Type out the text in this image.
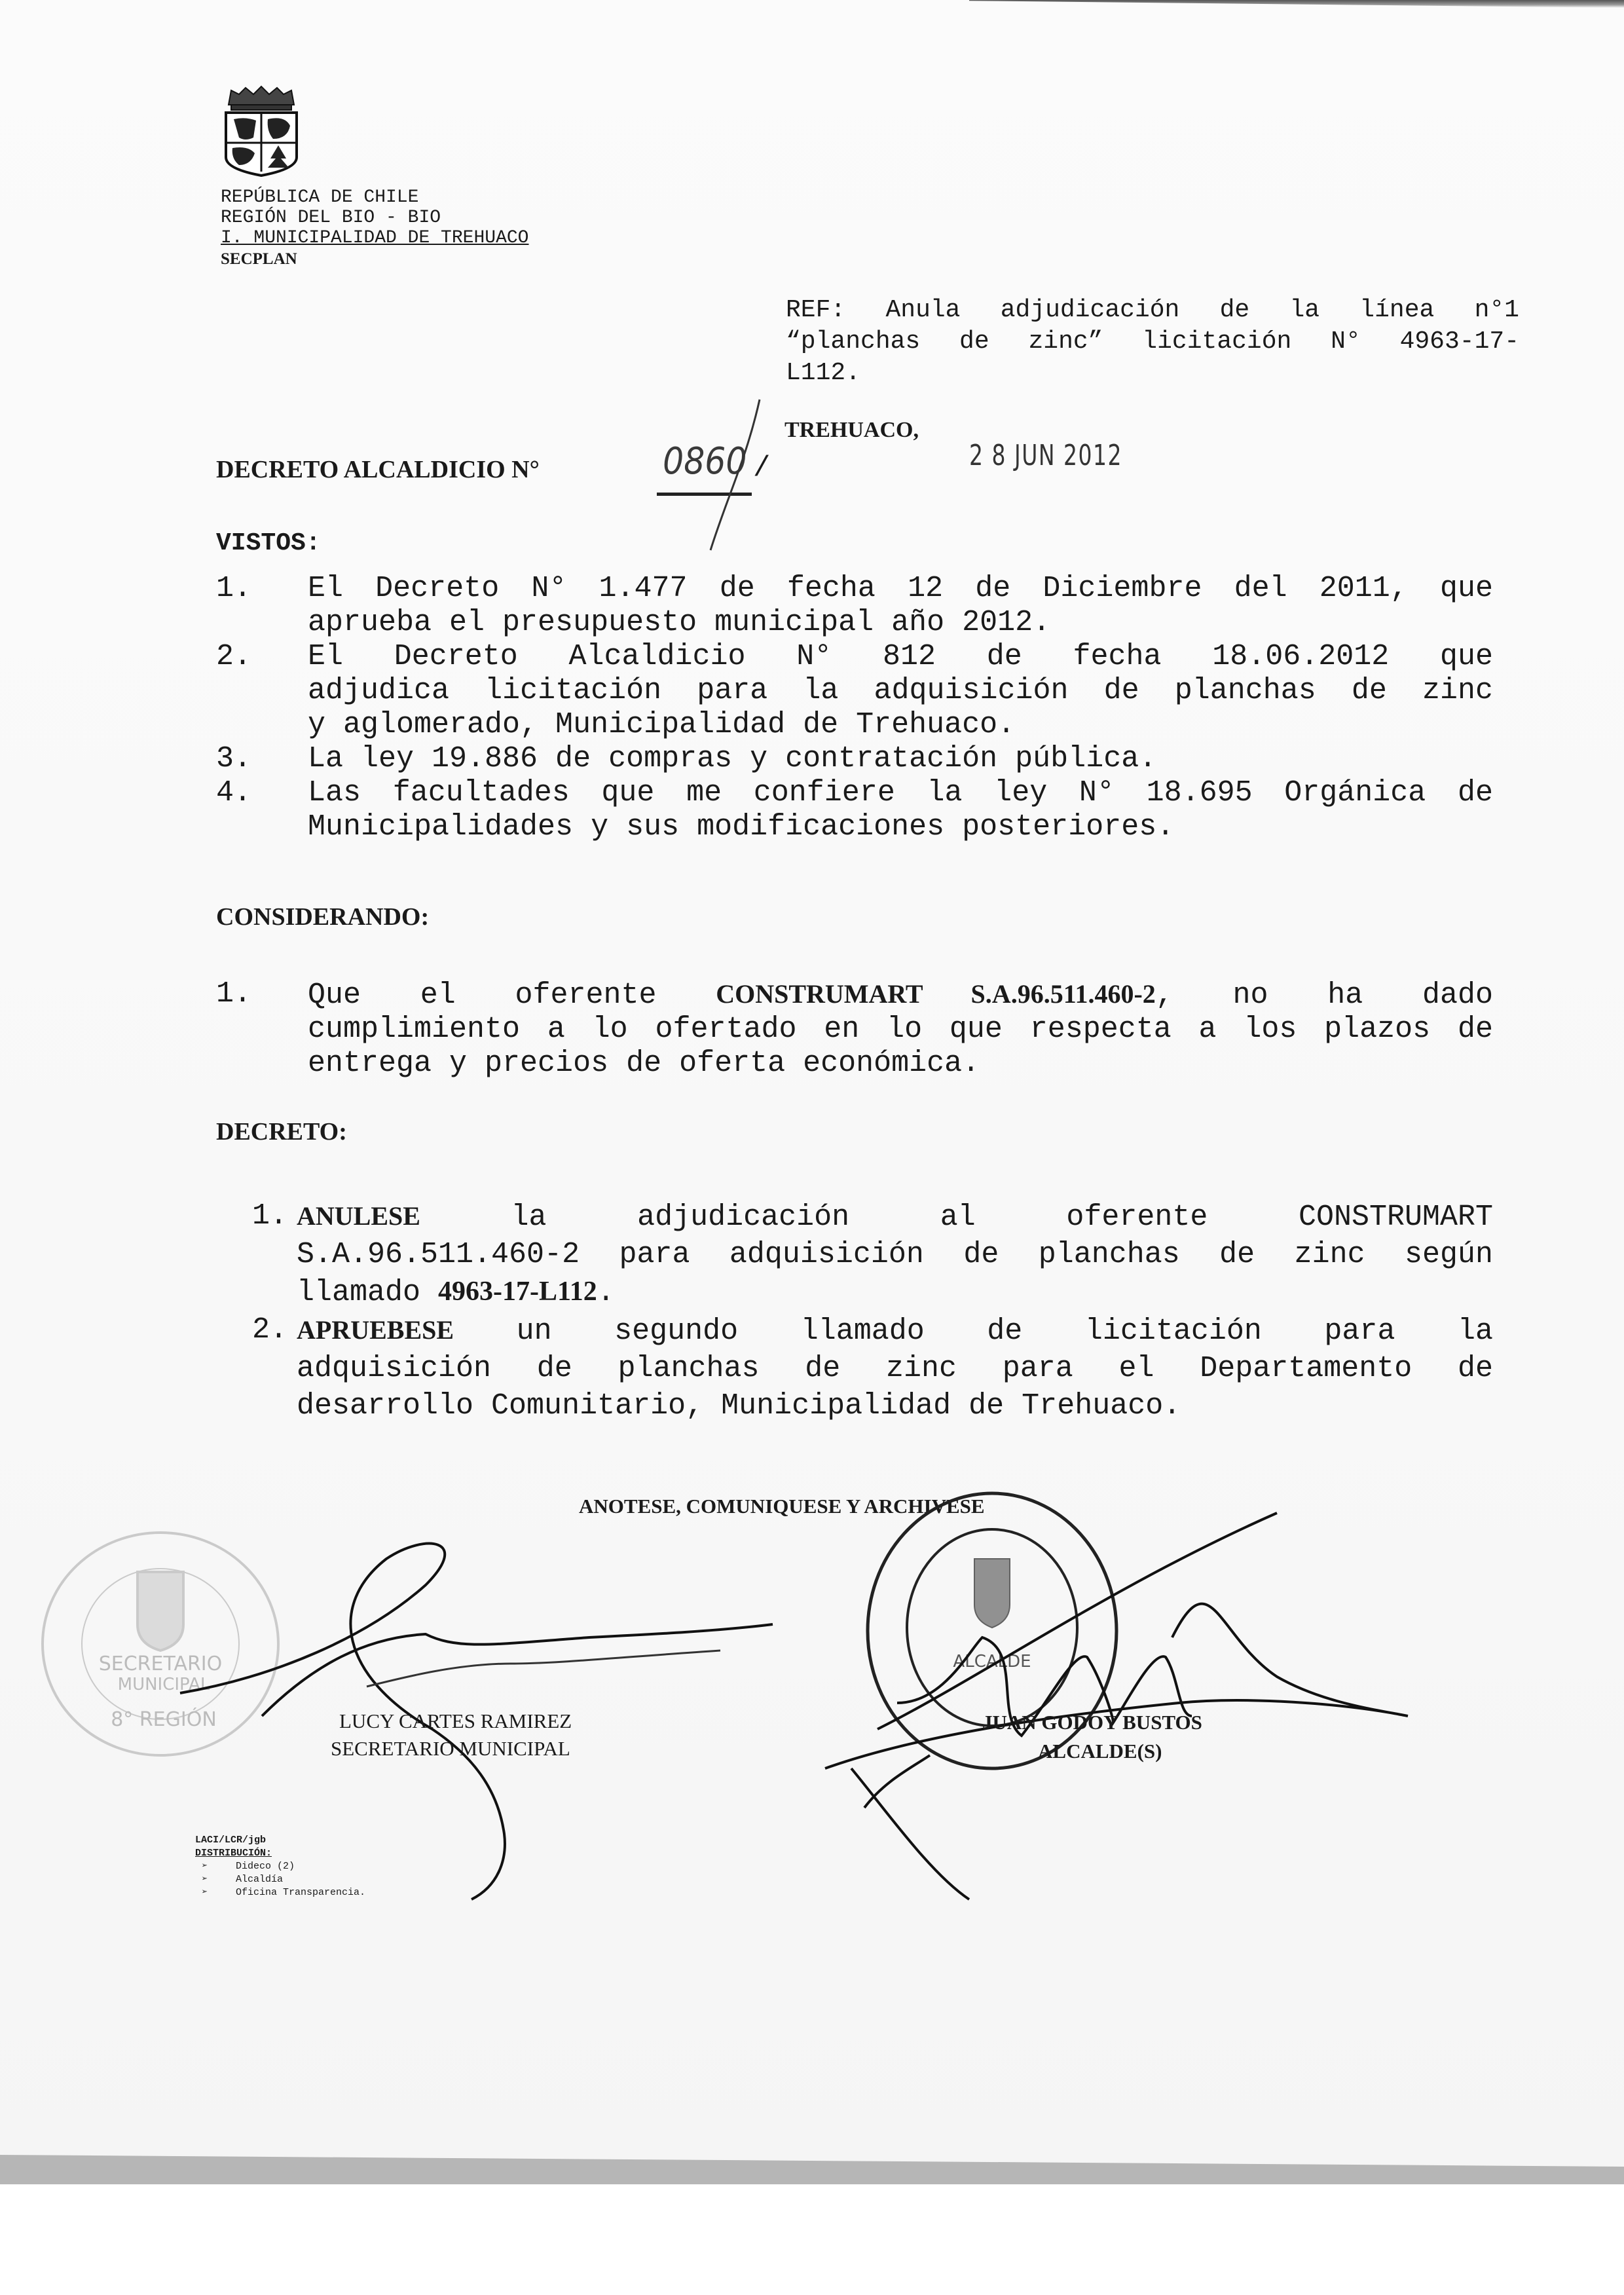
REPÚBLICA DE CHILE
REGIÓN DEL BIO - BIO
I. MUNICIPALIDAD DE TREHUACO
SECPLAN
REF: Anula adjudicación de la línea n°1
“planchas de zinc” licitación N° 4963-17-
L112.
TREHUACO,
2 8 JUN 2012
DECRETO ALCALDICIO N°	0860 /
VISTOS:
1. El Decreto N° 1.477 de fecha 12 de Diciembre del 2011, que
aprueba el presupuesto municipal año 2012.
2. El Decreto Alcaldicio N° 812 de fecha 18.06.2012 que
adjudica licitación para la adquisición de planchas de zinc
y aglomerado, Municipalidad de Trehuaco.
3. La ley 19.886 de compras y contratación pública.
4. Las facultades que me confiere la ley N° 18.695 Orgánica de
Municipalidades y sus modificaciones posteriores.
CONSIDERANDO:
1. Que el oferente CONSTRUMART S.A.96.511.460-2, no ha dado
cumplimiento a lo ofertado en lo que respecta a los plazos de
entrega y precios de oferta económica.
DECRETO:
1. ANULESE la adjudicación al oferente CONSTRUMART
S.A.96.511.460-2 para adquisición de planchas de zinc según
llamado 4963-17-L112.
2. APRUEBESE un segundo llamado de licitación para la
adquisición de planchas de zinc para el Departamento de
desarrollo Comunitario, Municipalidad de Trehuaco.
ANOTESE, COMUNIQUESE Y ARCHIVESE
SECRETARIO
MUNICIPAL
8° REGIÓN
ALCALDE
LUCY CARTES RAMIREZ
SECRETARIO MUNICIPAL
JUAN GODOY BUSTOS
ALCALDE(S)
LACI/LCR/jgb
DISTRIBUCIÓN:
➢	Dideco (2)
➢	Alcaldía
➢	Oficina Transparencia.
